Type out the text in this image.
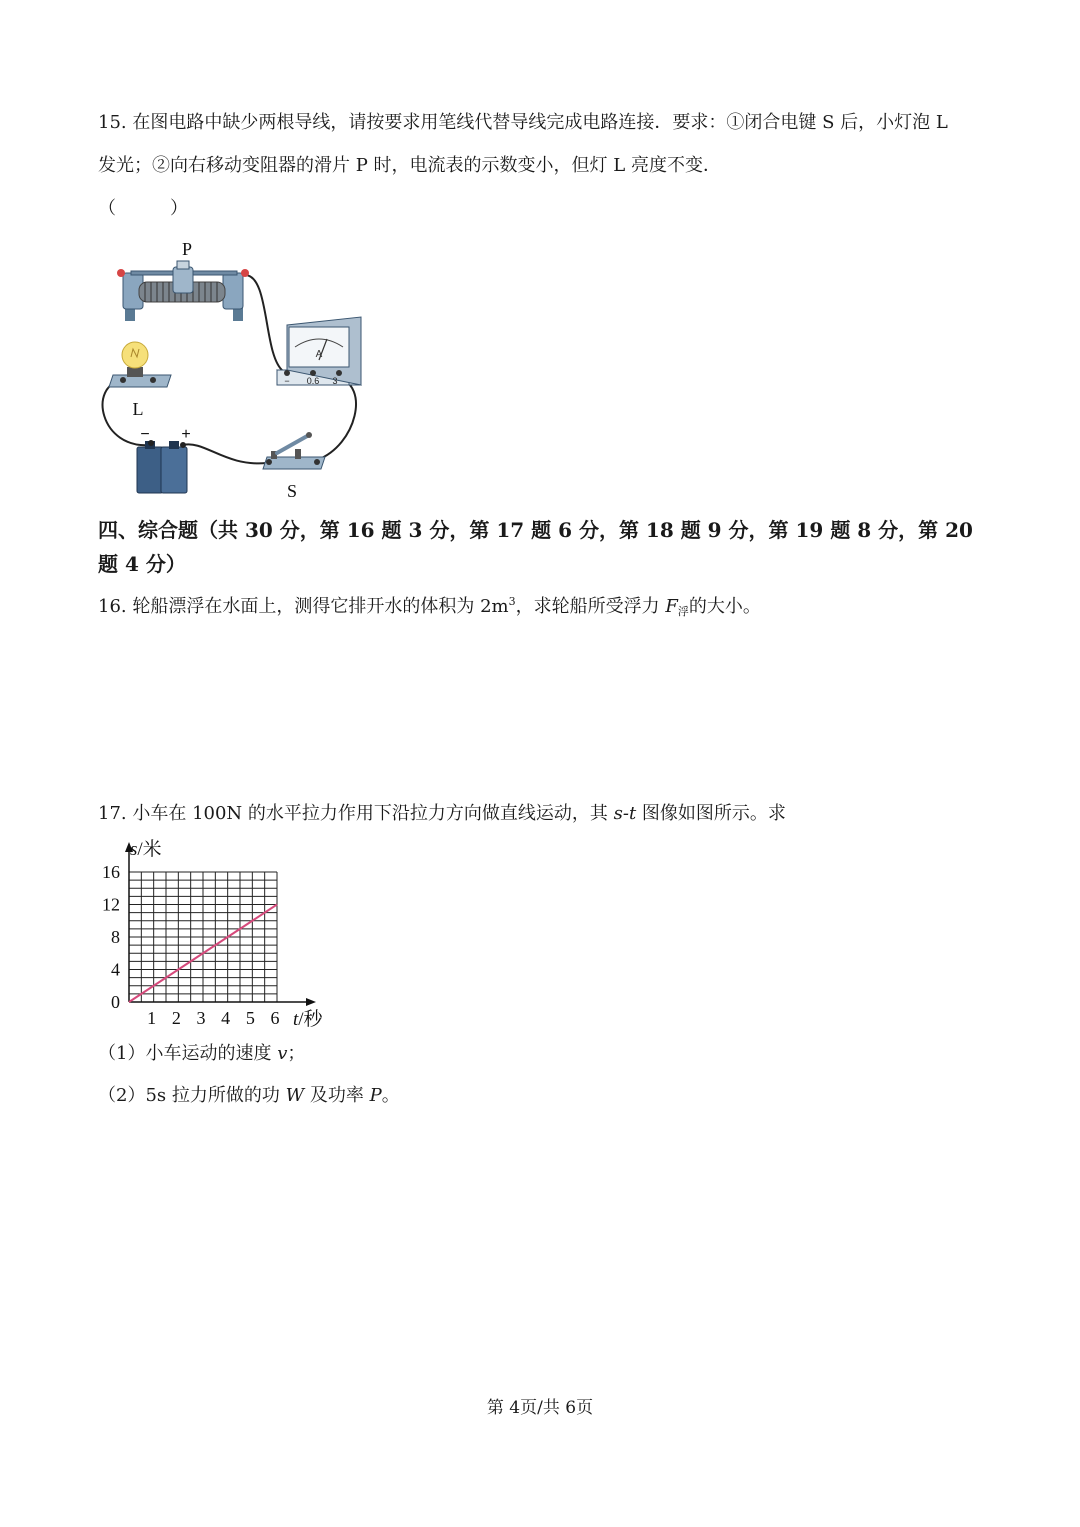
15. 在图电路中缺少两根导线，请按要求用笔线代替导线完成电路连接．要求：①闭合电键 S 后，小灯泡 L
发光；②向右移动变阻器的滑片 P 时，电流表的示数变小，但灯 L 亮度不变．
（　　　）
P
A
− 0.6 3
L
− +
S
四、综合题（共 30 分，第 16 题 3 分，第 17 题 6 分，第 18 题 9 分，第 19 题 8 分，第 20 题 4 分）
16. 轮船漂浮在水面上，测得它排开水的体积为 $2m^3$，求轮船所受浮力 $F_浮$的大小。
17. 小车在 100N 的水平拉力作用下沿拉力方向做直线运动，其 s-t 图像如图所示。求
0
4
8
12
16
1 2 3 4 5 6
s/米
t/秒
（1）小车运动的速度 v；
（2）5s 拉力所做的功 W 及功率 P。
第 4页/共 6页
